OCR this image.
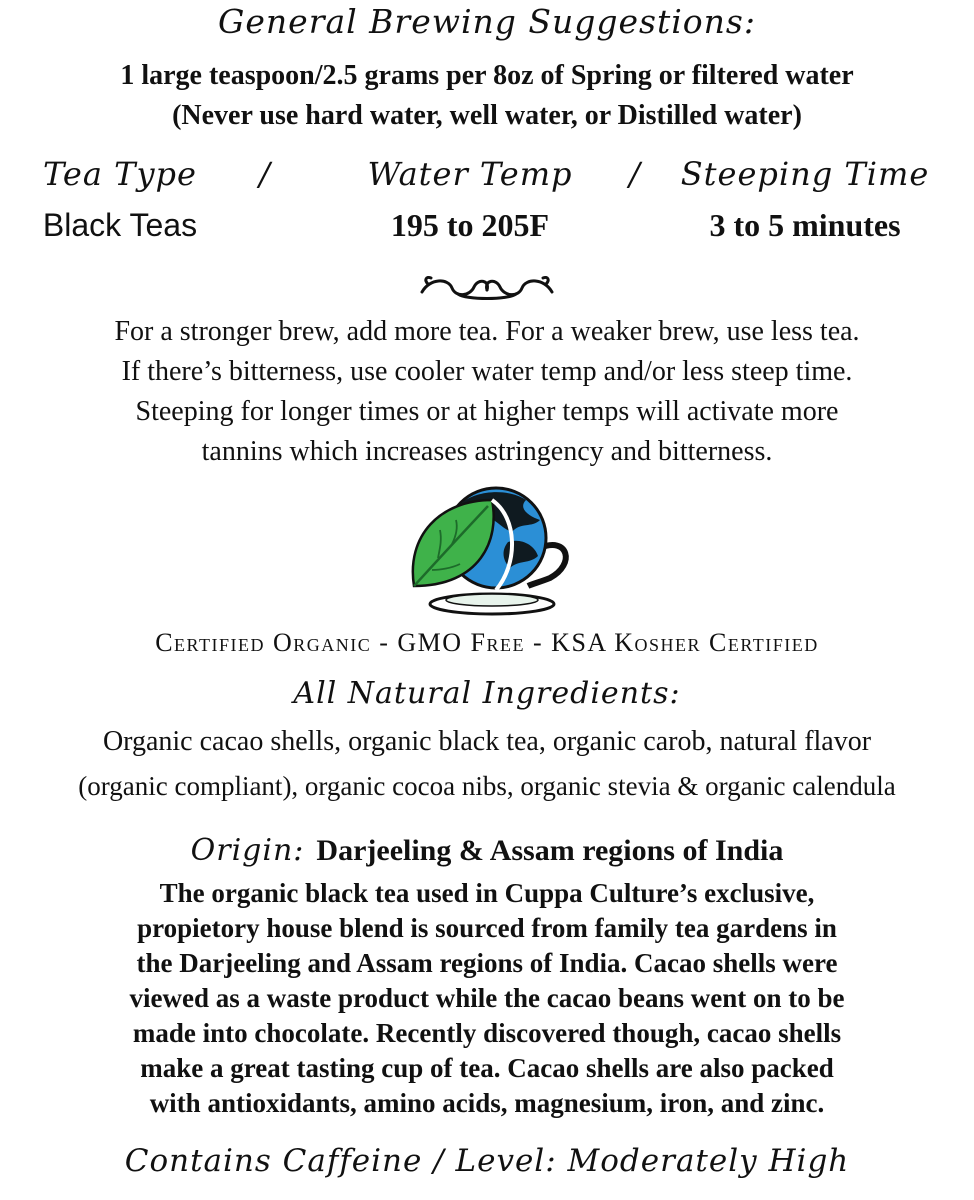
General Brewing Suggestions:
1 large teaspoon/2.5 grams per 8oz of Spring or filtered water
(Never use hard water, well water, or Distilled water)
Tea Type	/	Water Temp	/	Steeping Time
Black Teas	195 to 205F	3 to 5 minutes
For a stronger brew, add more tea. For a weaker brew, use less tea.
If there’s bitterness, use cooler water temp and/or less steep time.
Steeping for longer times or at higher temps will activate more
tannins which increases astringency and bitterness.
Certified Organic - GMO Free - KSA Kosher Certified
All Natural Ingredients:
Organic cacao shells, organic black tea, organic carob, natural flavor
(organic compliant), organic cocoa nibs, organic stevia & organic calendula
Origin: Darjeeling & Assam regions of India
The organic black tea used in Cuppa Culture’s exclusive,
propietory house blend is sourced from family tea gardens in
the Darjeeling and Assam regions of India. Cacao shells were
viewed as a waste product while the cacao beans went on to be
made into chocolate. Recently discovered though, cacao shells
make a great tasting cup of tea. Cacao shells are also packed
with antioxidants, amino acids, magnesium, iron, and zinc.
Contains Caffeine / Level: Moderately High
